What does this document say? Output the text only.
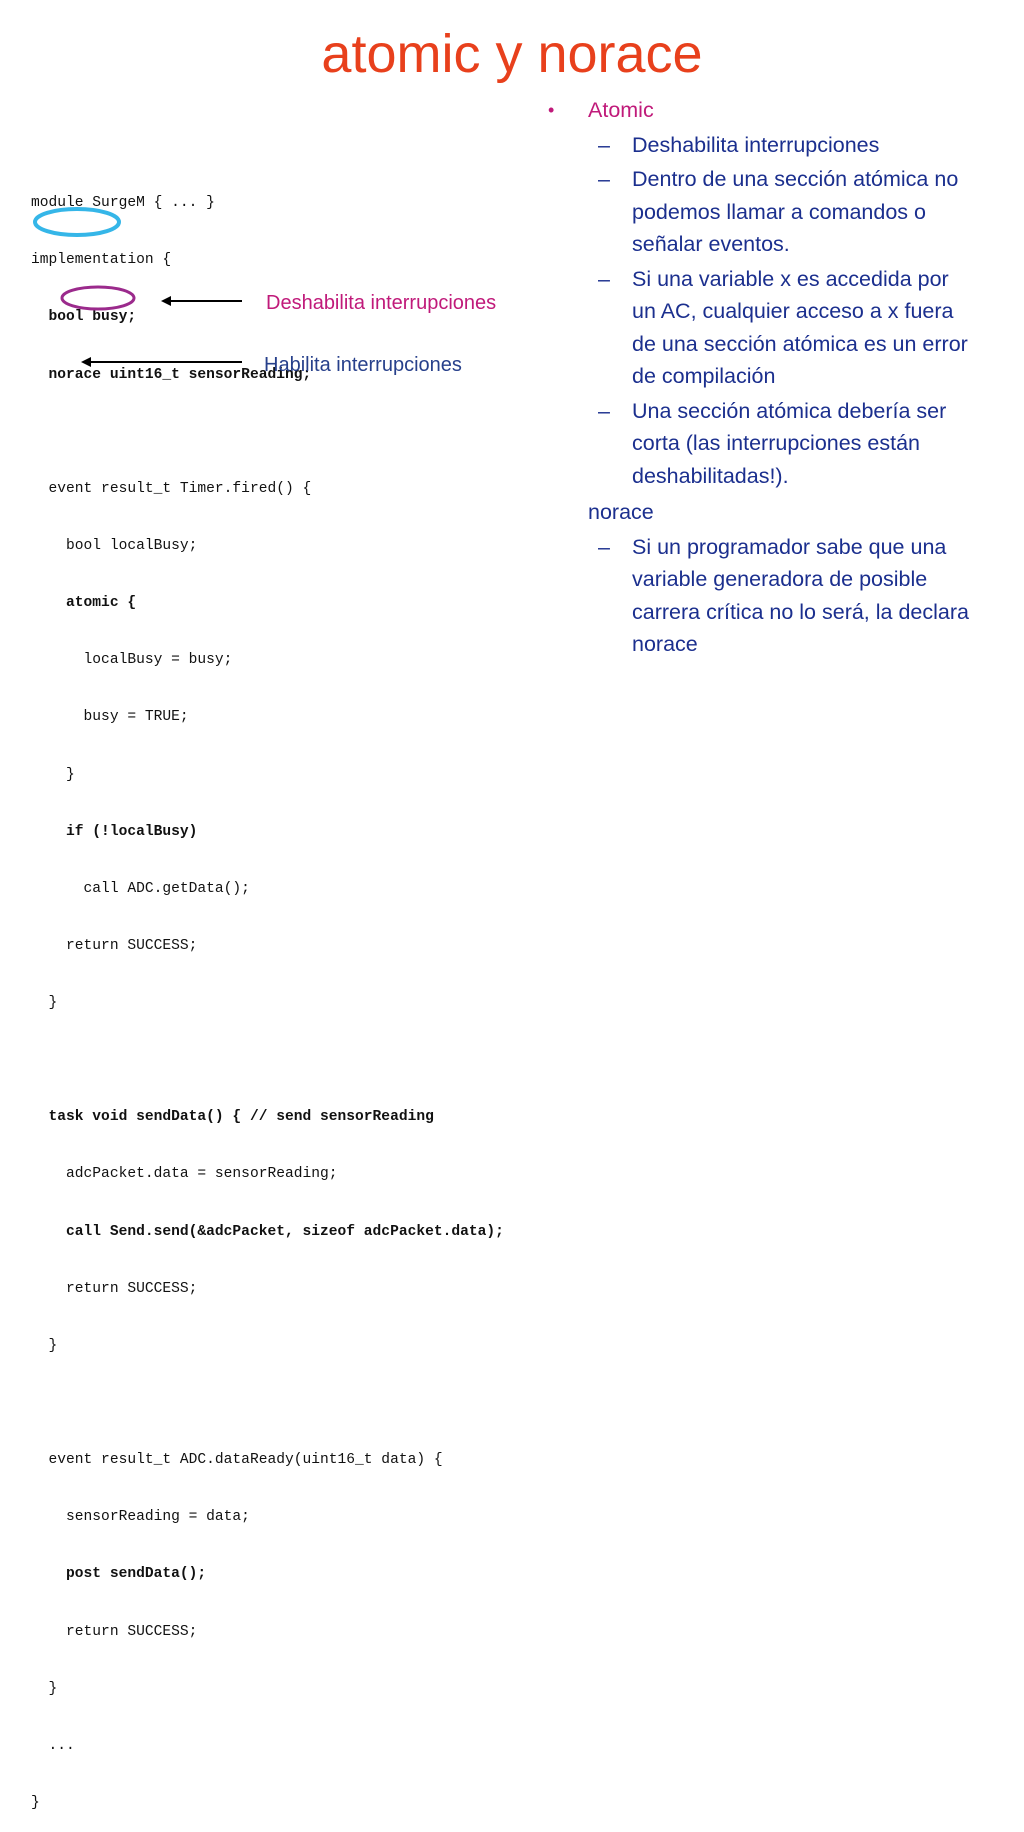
atomic y norace

module SurgeM { ... }

implementation {

bool busy;

norace uint16_t sensorReading;

event result_t Timer.fired() {

bool localBusy;

atomic {

localBusy = busy;

busy = TRUE;

}

if (!localBusy)

call ADC.getData();

return SUCCESS;

}

task void sendData() { // send sensorReading

adcPacket.data = sensorReading;

call Send.send(&adcPacket, sizeof adcPacket.data);

return SUCCESS;

}

event result_t ADC.dataReady(uint16_t data) {

sensorReading = data;

post sendData();

return SUCCESS;

}

...

}

Deshabilita interrupciones
Habilita interrupciones
• Atomic
– Deshabilita interrupciones
– Dentro de una sección atómica no podemos llamar a comandos o señalar eventos.
– Si una variable x es accedida por un AC, cualquier acceso a x fuera de una sección atómica es un error de compilación
– Una sección atómica debería ser corta (las interrupciones están deshabilitadas!).
norace
– Si un programador sabe que una variable generadora de posible carrera crítica no lo será, la declara norace
